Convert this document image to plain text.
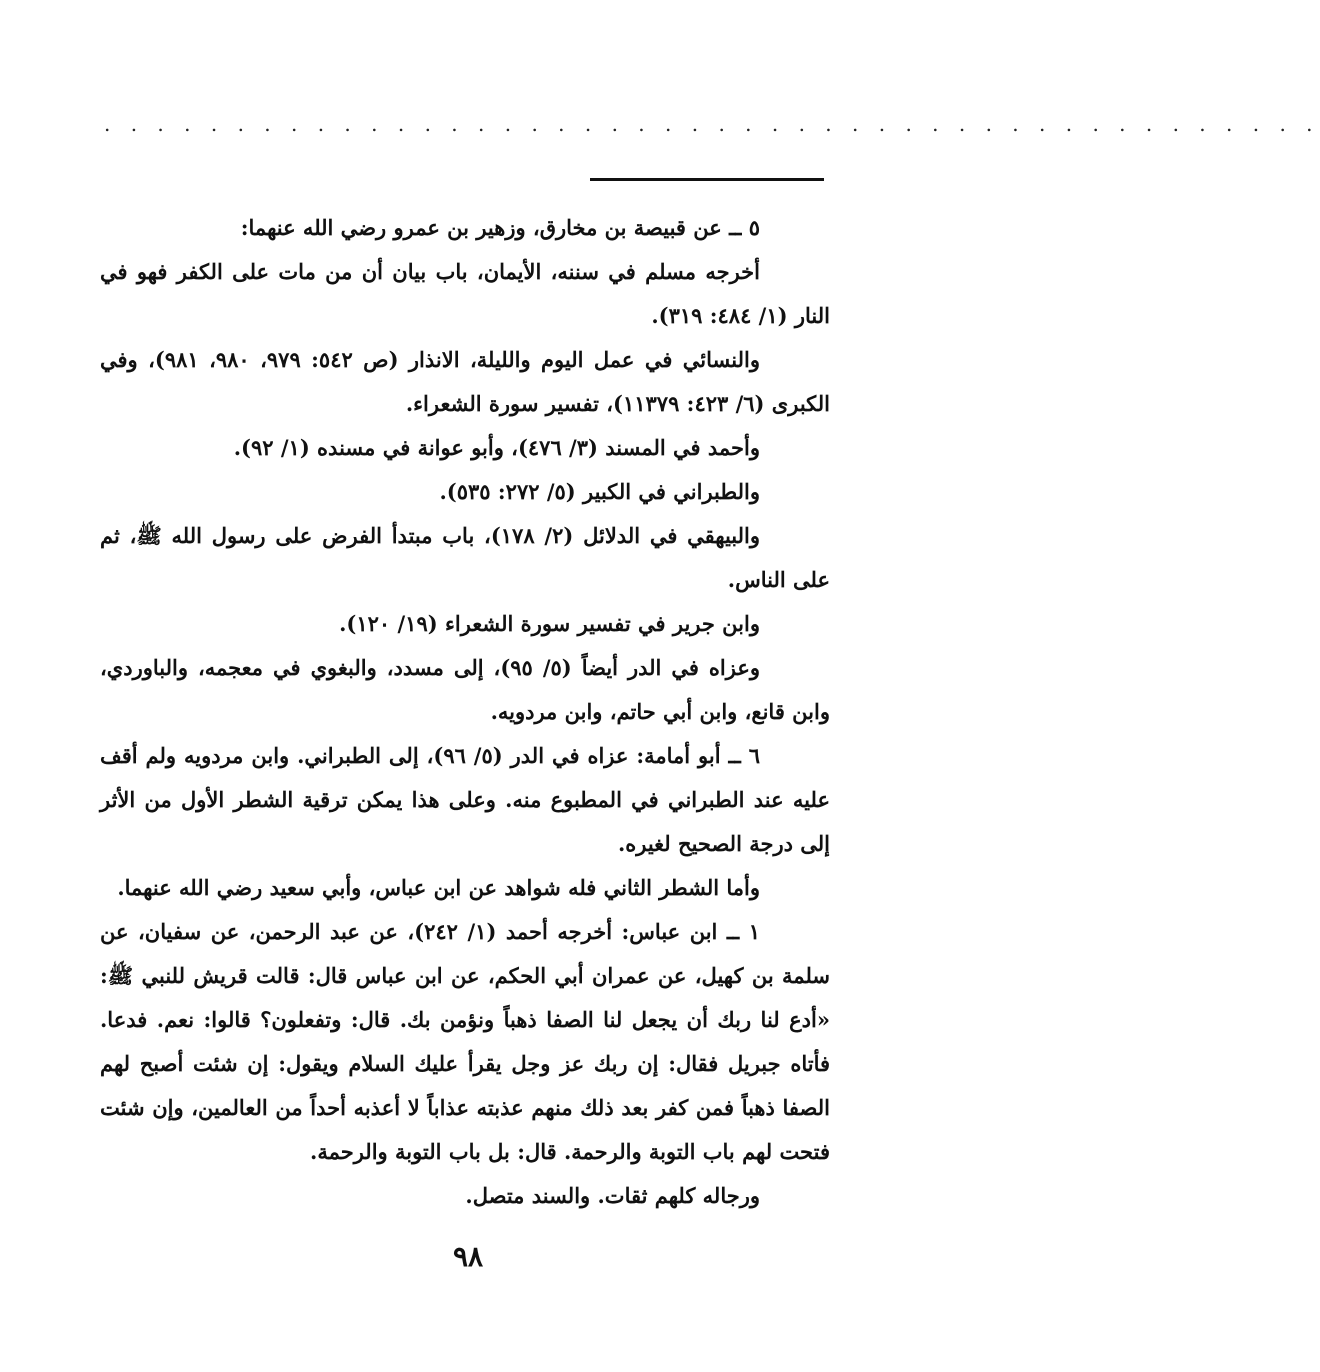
. . . . . . . . . . . . . . . . . . . . . . . . . . . . . . . . . . . . . . . . . . . . . .

٥ ــ عن قبيصة بن مخارق، وزهير بن عمرو رضي الله عنهما:

أخرجه مسلم في سننه، الأيمان، باب بيان أن من مات على الكفر فهو في النار (١/ ٤٨٤: ٣١٩).

والنسائي في عمل اليوم والليلة، الانذار (ص ٥٤٢: ٩٧٩، ٩٨٠، ٩٨١)، وفي الكبرى (٦/ ٤٢٣: ١١٣٧٩)، تفسير سورة الشعراء.

وأحمد في المسند (٣/ ٤٧٦)، وأبو عوانة في مسنده (١/ ٩٢).

والطبراني في الكبير (٥/ ٢٧٢: ٥٣٥).

والبيهقي في الدلائل (٢/ ١٧٨)، باب مبتدأ الفرض على رسول الله ﷺ، ثم على الناس.

وابن جرير في تفسير سورة الشعراء (١٩/ ١٢٠).

وعزاه في الدر أيضاً (٥/ ٩٥)، إلى مسدد، والبغوي في معجمه، والباوردي، وابن قانع، وابن أبي حاتم، وابن مردويه.

٦ ــ أبو أمامة: عزاه في الدر (٥/ ٩٦)، إلى الطبراني. وابن مردويه ولم أقف عليه عند الطبراني في المطبوع منه. وعلى هذا يمكن ترقية الشطر الأول من الأثر إلى درجة الصحيح لغيره.

وأما الشطر الثاني فله شواهد عن ابن عباس، وأبي سعيد رضي الله عنهما.

١ ــ ابن عباس: أخرجه أحمد (١/ ٢٤٢)، عن عبد الرحمن، عن سفيان، عن سلمة بن كهيل، عن عمران أبي الحكم، عن ابن عباس قال: قالت قريش للنبي ﷺ: «أدع لنا ربك أن يجعل لنا الصفا ذهباً ونؤمن بك. قال: وتفعلون؟ قالوا: نعم. فدعا. فأتاه جبريل فقال: إن ربك عز وجل يقرأ عليك السلام ويقول: إن شئت أصبح لهم الصفا ذهباً فمن كفر بعد ذلك منهم عذبته عذاباً لا أعذبه أحداً من العالمين، وإن شئت فتحت لهم باب التوبة والرحمة. قال: بل باب التوبة والرحمة.

ورجاله كلهم ثقات. والسند متصل.

٩٨
